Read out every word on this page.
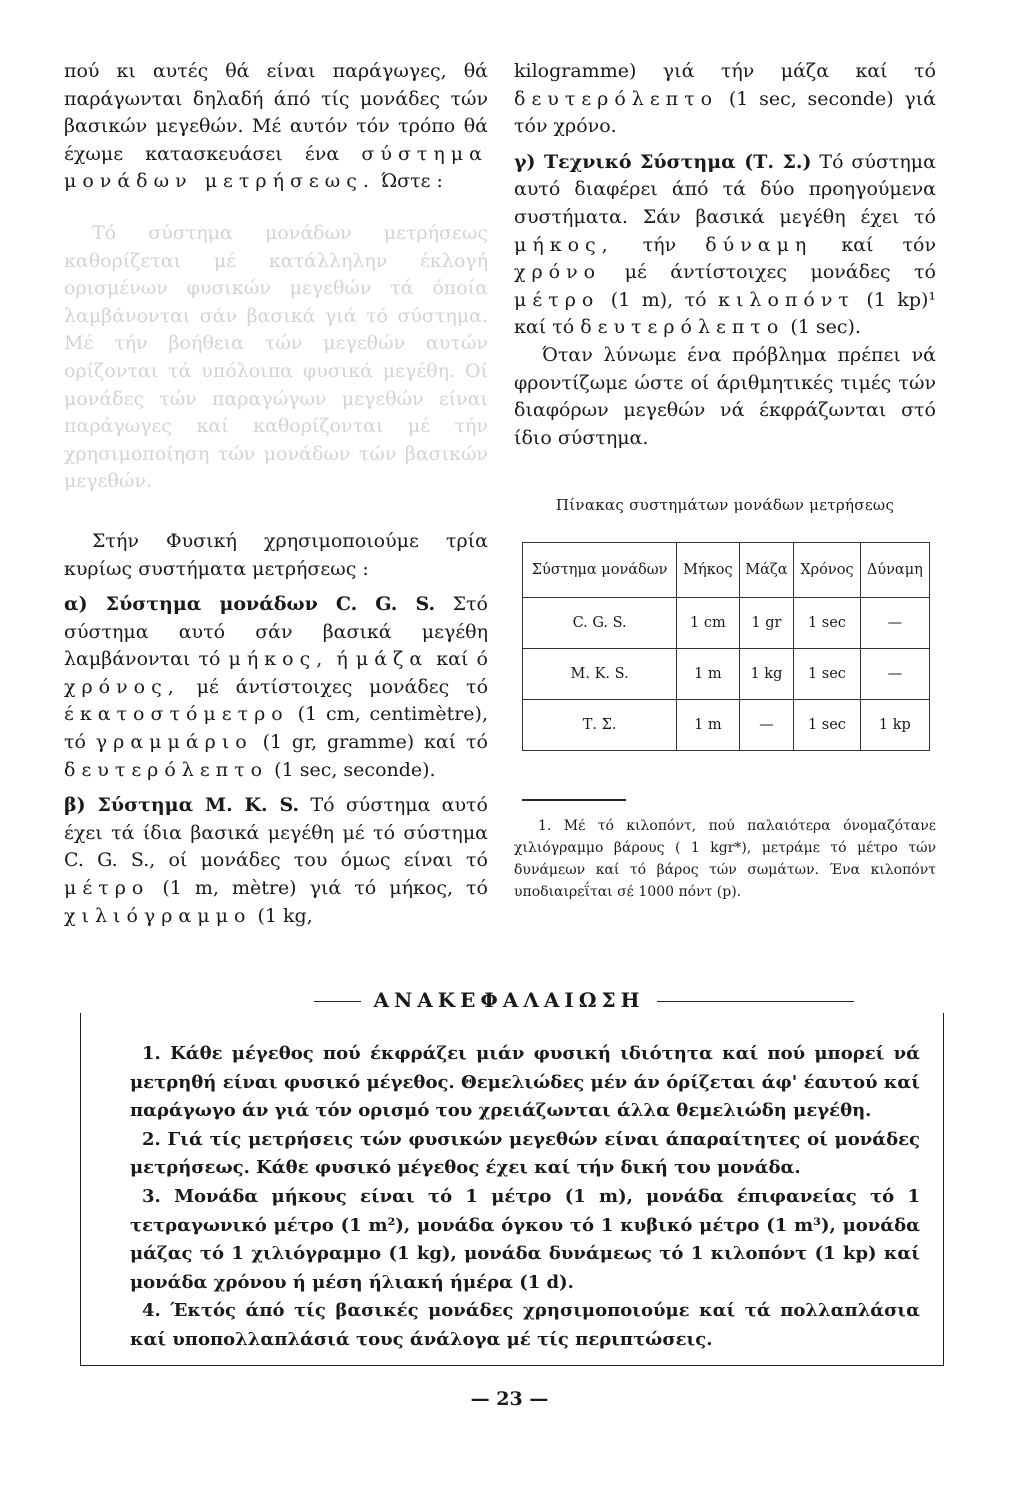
πού κι αυτές θά είναι παράγωγες, θά παράγωνται δηλαδή άπό τίς μονάδες τών βασικών μεγεθών. Μέ αυτόν τόν τρόπο θά έχωμε κατασκευάσει ένα σύστημα μονάδων μετρήσεως. Ώστε :

Τό σύστημα μονάδων μετρήσεως καθορίζεται μέ κατάλληλην έκλογή ορισμένων φυσικών μεγεθών τά όποία λαμβάνονται σάν βασικά γιά τό σύστημα. Μέ τήν βοήθεια τών μεγεθών αυτών ορίζονται τά υπόλοιπα φυσικά μεγέθη. Οί μονάδες τών παραγώγων μεγεθών είναι παράγωγες καί καθορίζονται μέ τήν χρησιμοποίηση τών μονάδων τών βασικών μεγεθών.

Στήν Φυσική χρησιμοποιούμε τρία κυρίως συστήματα μετρήσεως :

α) Σύστημα μονάδων C. G. S. Στό σύστημα αυτό σάν βασικά μεγέθη λαμβάνονται τό μήκος, ή μάζα καί ό χρόνος, μέ άντίστοιχες μονάδες τό έκατοστόμετρο (1 cm, centimètre), τό γραμμάριο (1 gr, gramme) καί τό δευτερόλεπτο (1 sec, seconde).

β) Σύστημα M. K. S. Τό σύστημα αυτό έχει τά ίδια βασικά μεγέθη μέ τό σύστημα C. G. S., οί μονάδες του όμως είναι τό μέτρο (1 m, mètre) γιά τό μήκος, τό χιλιόγραμμο (1 kg,

kilogramme) γιά τήν μάζα καί τό δευτερόλεπτο (1 sec, seconde) γιά τόν χρόνο.

γ) Τεχνικό Σύστημα (Τ. Σ.) Τό σύστημα αυτό διαφέρει άπό τά δύο προηγούμενα συστήματα. Σάν βασικά μεγέθη έχει τό μήκος, τήν δύναμη καί τόν χρόνο μέ άντίστοιχες μονάδες τό μέτρο (1 m), τό κιλοπόντ (1 kp)¹ καί τό δευτερόλεπτο (1 sec).

Όταν λύνωμε ένα πρόβλημα πρέπει νά φροντίζωμε ώστε οί άριθμητικές τιμές τών διαφόρων μεγεθών νά έκφράζωνται στό ίδιο σύστημα.

Πίνακας συστημάτων μονάδων μετρήσεως

Σύστημα μονάδων	Μήκος	Μάζα	Χρόνος	Δύναμη
C. G. S.	1 cm	1 gr	1 sec	—
M. K. S.	1 m	1 kg	1 sec	—
Τ. Σ.	1 m	—	1 sec	1 kp

1. Μέ τό κιλοπόντ, πού παλαιότερα όνομαζότανε χιλιόγραμμο βάρους ( 1 kgr*), μετράμε τό μέτρο τών δυνάμεων καί τό βάρος τών σωμάτων. Ένα κιλοπόντ υποδιαιρεΐται σέ 1000 πόντ (p).

ΑΝΑΚΕΦΑΛΑΙΩΣΗ

1. Κάθε μέγεθος πού έκφράζει μιάν φυσική ιδιότητα καί πού μπορεί νά μετρηθή είναι φυσικό μέγεθος. Θεμελιώδες μέν άν όρίζεται άφ' έαυτού καί παράγωγο άν γιά τόν ορισμό του χρειάζωνται άλλα θεμελιώδη μεγέθη.

2. Γιά τίς μετρήσεις τών φυσικών μεγεθών είναι άπαραίτητες οί μονάδες μετρήσεως. Κάθε φυσικό μέγεθος έχει καί τήν δική του μονάδα.

3. Μονάδα μήκους είναι τό 1 μέτρο (1 m), μονάδα έπιφανείας τό 1 τετραγωνικό μέτρο (1 m²), μονάδα όγκου τό 1 κυβικό μέτρο (1 m³), μονάδα μάζας τό 1 χιλιόγραμμο (1 kg), μονάδα δυνάμεως τό 1 κιλοπόντ (1 kp) καί μονάδα χρόνου ή μέση ήλιακή ήμέρα (1 d).

4. Έκτός άπό τίς βασικές μονάδες χρησιμοποιούμε καί τά πολλαπλάσια καί υποπολλαπλάσιά τους άνάλογα μέ τίς περιπτώσεις.

— 23 —
